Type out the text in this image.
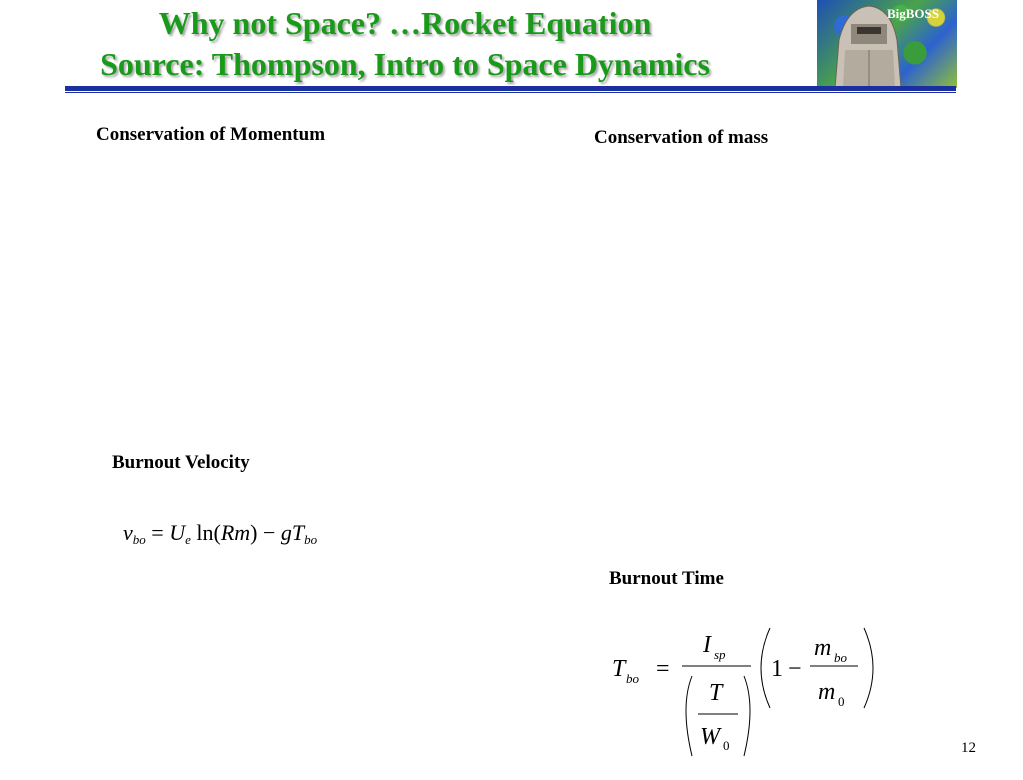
Why not Space? …Rocket Equation
Source: Thompson, Intro to Space Dynamics
BigBOSS
Conservation of Momentum	Conservation of mass
Burnout Velocity
Burnout Time
$v_{bo} = U_e$ $\ln(Rm) - gT_{bo}$
T bo =
I sp
T
W 0
1 −
m bo
m 0
12
